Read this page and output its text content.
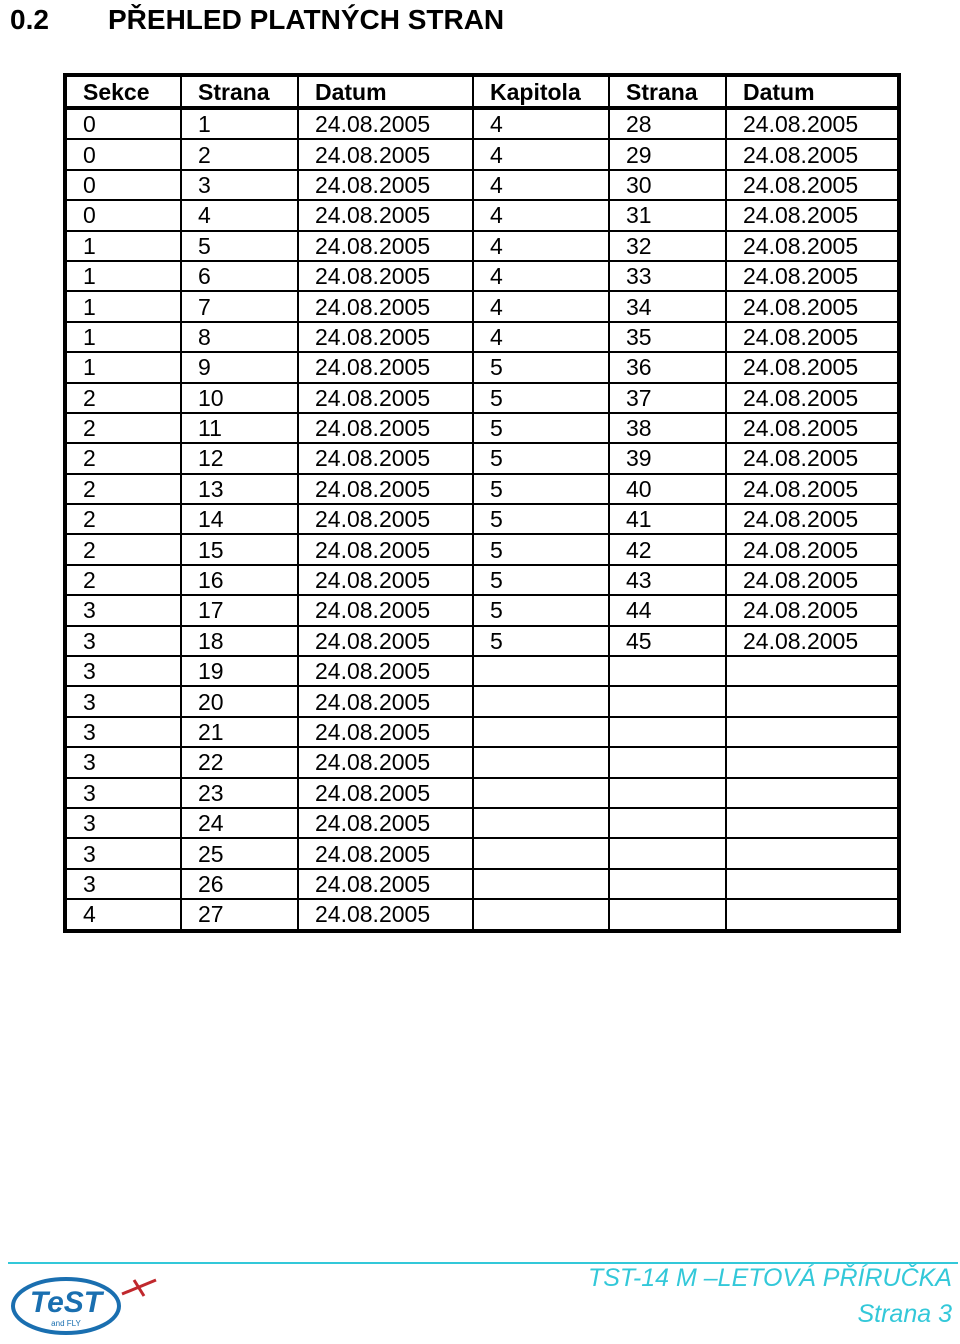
0.2 PŘEHLED PLATNÝCH STRAN
Sekce	Strana	Datum	Kapitola	Strana	Datum
0	1	24.08.2005	4	28	24.08.2005
0	2	24.08.2005	4	29	24.08.2005
0	3	24.08.2005	4	30	24.08.2005
0	4	24.08.2005	4	31	24.08.2005
1	5	24.08.2005	4	32	24.08.2005
1	6	24.08.2005	4	33	24.08.2005
1	7	24.08.2005	4	34	24.08.2005
1	8	24.08.2005	4	35	24.08.2005
1	9	24.08.2005	5	36	24.08.2005
2	10	24.08.2005	5	37	24.08.2005
2	11	24.08.2005	5	38	24.08.2005
2	12	24.08.2005	5	39	24.08.2005
2	13	24.08.2005	5	40	24.08.2005
2	14	24.08.2005	5	41	24.08.2005
2	15	24.08.2005	5	42	24.08.2005
2	16	24.08.2005	5	43	24.08.2005
3	17	24.08.2005	5	44	24.08.2005
3	18	24.08.2005	5	45	24.08.2005
3	19	24.08.2005			
3	20	24.08.2005			
3	21	24.08.2005			
3	22	24.08.2005			
3	23	24.08.2005			
3	24	24.08.2005			
3	25	24.08.2005			
3	26	24.08.2005			
4	27	24.08.2005			
TeST
and FLY
TST-14 M –LETOVÁ PŘÍRUČKA
Strana 3
